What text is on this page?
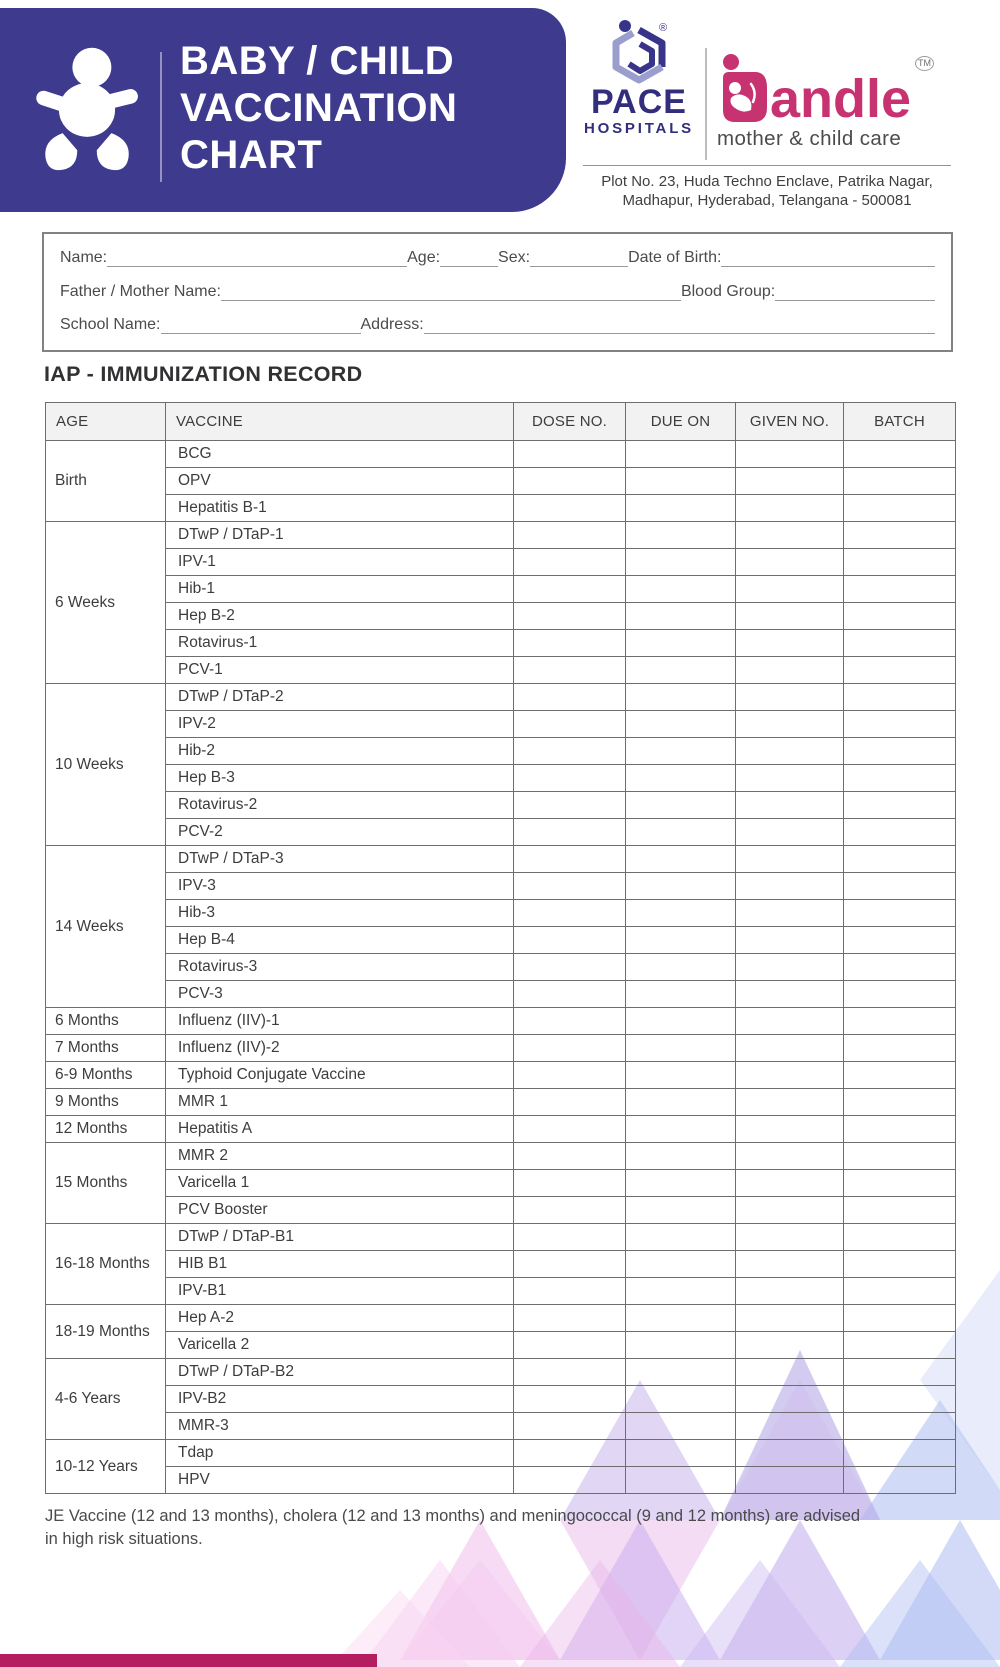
BABY / CHILD
VACCINATION
CHART
®
PACE
HOSPITALS andle
TM
mother & child care
Plot No. 23, Huda Techno Enclave, Patrika Nagar,
Madhapur, Hyderabad, Telangana - 500081
Name:	Age:	Sex:	Date of Birth:
Father / Mother Name:	Blood Group:
School Name:	Address:
IAP - IMMUNIZATION RECORD
AGE	VACCINE	DOSE NO.	DUE ON	GIVEN NO.	BATCH
Birth	BCG				
	OPV				
	Hepatitis B-1				
6 Weeks	DTwP / DTaP-1				
	IPV-1				
	Hib-1				
	Hep B-2				
	Rotavirus-1				
	PCV-1				
10 Weeks	DTwP / DTaP-2				
	IPV-2				
	Hib-2				
	Hep B-3				
	Rotavirus-2				
	PCV-2				
14 Weeks	DTwP / DTaP-3				
	IPV-3				
	Hib-3				
	Hep B-4				
	Rotavirus-3				
	PCV-3				
6 Months	Influenz (IIV)-1				
7 Months	Influenz (IIV)-2				
6-9 Months	Typhoid Conjugate Vaccine				
9 Months	MMR 1				
12 Months	Hepatitis A				
15 Months	MMR 2				
	Varicella 1				
	PCV Booster				
16-18 Months	DTwP / DTaP-B1				
	HIB B1				
	IPV-B1				
18-19 Months	Hep A-2				
	Varicella 2				
4-6 Years	DTwP / DTaP-B2				
	IPV-B2				
	MMR-3				
10-12 Years	Tdap				
	HPV				
JE Vaccine (12 and 13 months), cholera (12 and 13 months) and meningococcal (9 and 12 months) are advised in high risk situations.
